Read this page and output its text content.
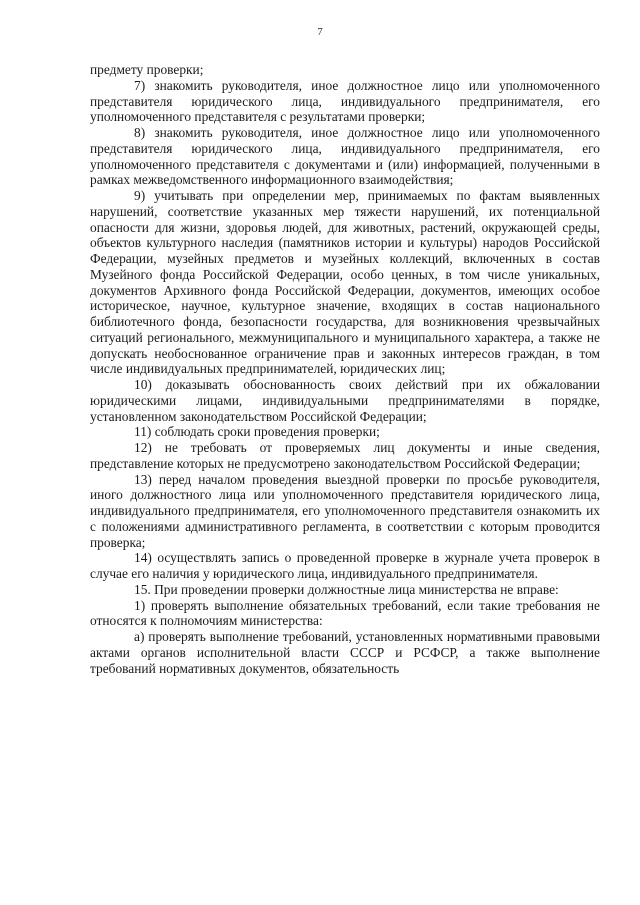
7

предмету проверки;

7) знакомить руководителя, иное должностное лицо или уполномоченного представителя юридического лица, индивидуального предпринимателя, его уполномоченного представителя с результатами проверки;

8) знакомить руководителя, иное должностное лицо или уполномоченного представителя юридического лица, индивидуального предпринимателя, его уполномоченного представителя с документами и (или) информацией, полученными в рамках межведомственного информационного взаимодействия;

9) учитывать при определении мер, принимаемых по фактам выявленных нарушений, соответствие указанных мер тяжести нарушений, их потенциальной опасности для жизни, здоровья людей, для животных, растений, окружающей среды, объектов культурного наследия (памятников истории и культуры) народов Российской Федерации, музейных предметов и музейных коллекций, включенных в состав Музейного фонда Российской Федерации, особо ценных, в том числе уникальных, документов Архивного фонда Российской Федерации, документов, имеющих особое историческое, научное, культурное значение, входящих в состав национального библиотечного фонда, безопасности государства, для возникновения чрезвычайных ситуаций регионального, межмуниципального и муниципального характера, а также не допускать необоснованное ограничение прав и законных интересов граждан, в том числе индивидуальных предпринимателей, юридических лиц;

10) доказывать обоснованность своих действий при их обжаловании юридическими лицами, индивидуальными предпринимателями в порядке, установленном законодательством Российской Федерации;

11) соблюдать сроки проведения проверки;

12) не требовать от проверяемых лиц документы и иные сведения, представление которых не предусмотрено законодательством Российской Федерации;

13) перед началом проведения выездной проверки по просьбе руководителя, иного должностного лица или уполномоченного представителя юридического лица, индивидуального предпринимателя, его уполномоченного представителя ознакомить их с положениями административного регламента, в соответствии с которым проводится проверка;

14) осуществлять запись о проведенной проверке в журнале учета проверок в случае его наличия у юридического лица, индивидуального предпринимателя.

15. При проведении проверки должностные лица министерства не вправе:

1) проверять выполнение обязательных требований, если такие требования не относятся к полномочиям министерства:

а) проверять выполнение требований, установленных нормативными правовыми актами органов исполнительной власти СССР и РСФСР, а также выполнение требований нормативных документов, обязательность
